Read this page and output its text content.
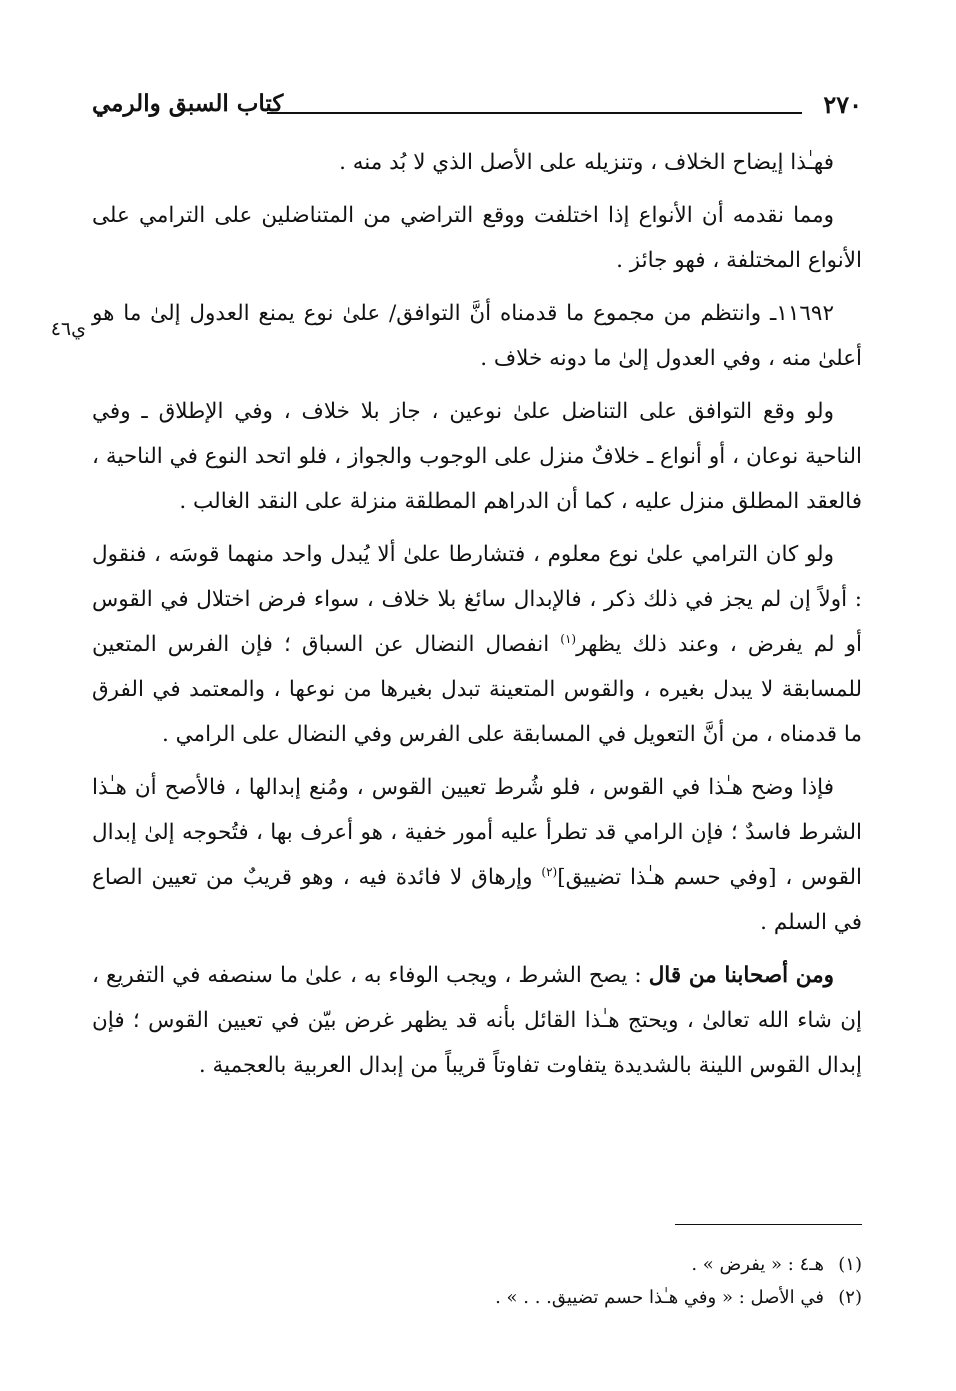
٢٧٠
كتاب السبق والرمي
ي٤٦

فهـٰذا إيضاح الخلاف ، وتنزيله على الأصل الذي لا بُد منه .

ومما نقدمه أن الأنواع إذا اختلفت ووقع التراضي من المتناضلين على الترامي على الأنواع المختلفة ، فهو جائز .

١١٦٩٢ـ وانتظم من مجموع ما قدمناه أنَّ التوافق/ علىٰ نوع يمنع العدول إلىٰ ما هو أعلىٰ منه ، وفي العدول إلىٰ ما دونه خلاف .

ولو وقع التوافق على التناضل علىٰ نوعين ، جاز بلا خلاف ، وفي الإطلاق ـ وفي الناحية نوعان ، أو أنواع ـ خلافٌ منزل على الوجوب والجواز ، فلو اتحد النوع في الناحية ، فالعقد المطلق منزل عليه ، كما أن الدراهم المطلقة منزلة على النقد الغالب .

ولو كان الترامي علىٰ نوع معلوم ، فتشارطا علىٰ ألا يُبدل واحد منهما قوسَه ، فنقول : أولاً إن لم يجز في ذلك ذكر ، فالإبدال سائغ بلا خلاف ، سواء فرض اختلال في القوس أو لم يفرض ، وعند ذلك يظهر$^{(١)}$ انفصال النضال عن السباق ؛ فإن الفرس المتعين للمسابقة لا يبدل بغيره ، والقوس المتعينة تبدل بغيرها من نوعها ، والمعتمد في الفرق ما قدمناه ، من أنَّ التعويل في المسابقة على الفرس وفي النضال على الرامي .

فإذا وضح هـٰذا في القوس ، فلو شُرط تعيين القوس ، ومُنع إبدالها ، فالأصح أن هـٰذا الشرط فاسدٌ ؛ فإن الرامي قد تطرأ عليه أمور خفية ، هو أعرف بها ، فتُحوجه إلىٰ إبدال القوس ، [وفي حسم هـٰذا تضييق]$^{(٢)}$ وإرهاق لا فائدة فيه ، وهو قريبٌ من تعيين الصاع في السلم .

ومن أصحابنا من قال : يصح الشرط ، ويجب الوفاء به ، علىٰ ما سنصفه في التفريع ، إن شاء الله تعالىٰ ، ويحتج هـٰذا القائل بأنه قد يظهر غرض بيّن في تعيين القوس ؛ فإن إبدال القوس اللينة بالشديدة يتفاوت تفاوتاً قريباً من إبدال العربية بالعجمية .

(١)هـ٤ : « يفرض » .
(٢)في الأصل : « وفي هـٰذا حسم تضييق. . . » .
